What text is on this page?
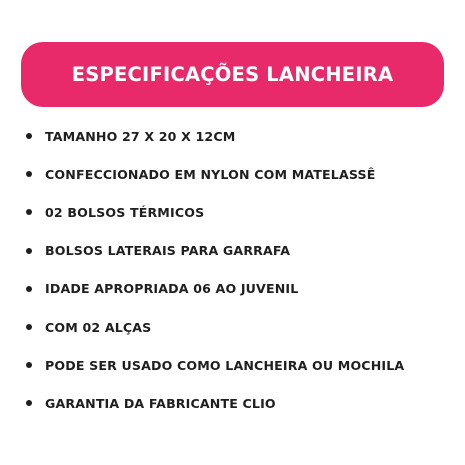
ESPECIFICAÇÕES LANCHEIRA
TAMANHO 27 X 20 X 12CM
CONFECCIONADO EM NYLON COM MATELASSÊ
02 BOLSOS TÉRMICOS
BOLSOS LATERAIS PARA GARRAFA
IDADE APROPRIADA 06 AO JUVENIL
COM 02 ALÇAS
PODE SER USADO COMO LANCHEIRA OU MOCHILA
GARANTIA DA FABRICANTE CLIO
